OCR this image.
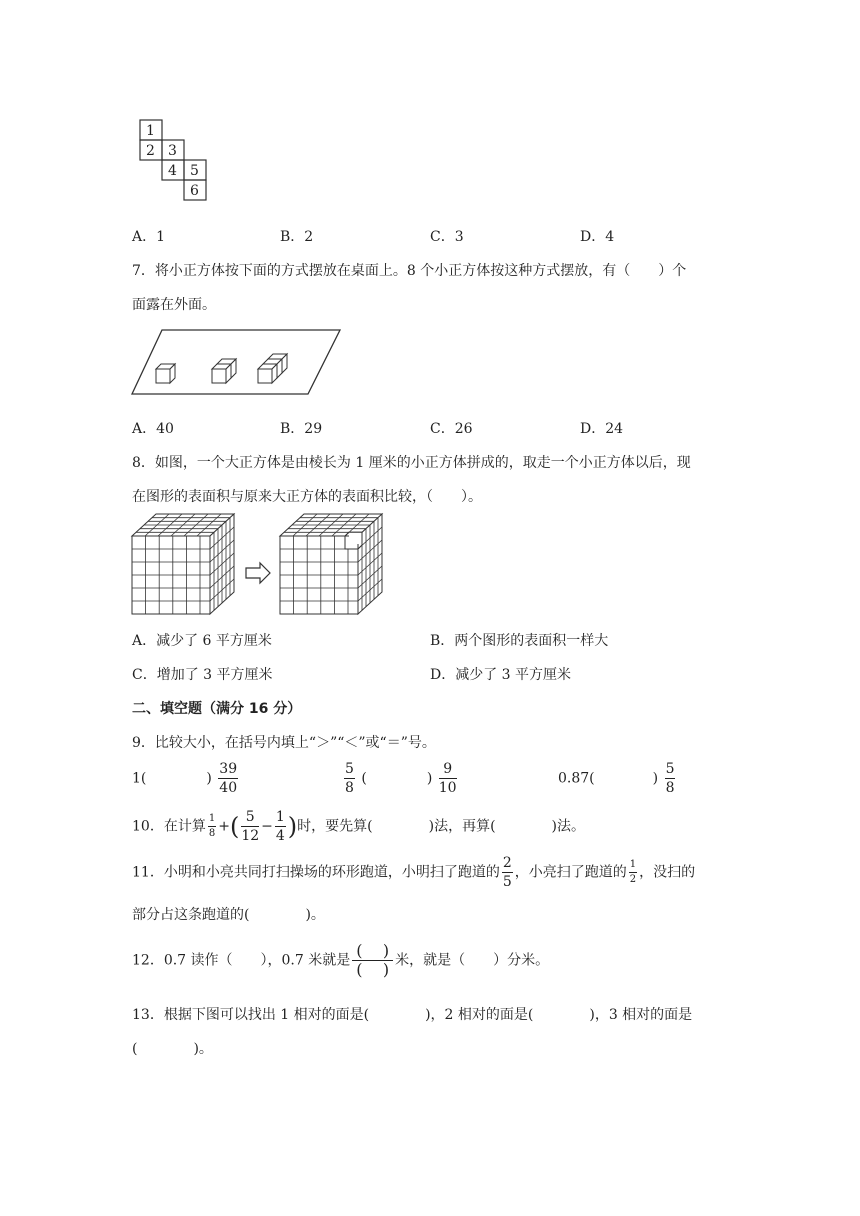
1
2 3
4 5
6
A．1	B．2	C．3	D．4
7．将小正方体按下面的方式摆放在桌面上。8 个小正方体按这种方式摆放，有（　　）个
面露在外面。
A．40	B．29	C．26	D．24
8．如图，一个大正方体是由棱长为 1 厘米的小正方体拼成的，取走一个小正方体以后，现
在图形的表面积与原来大正方体的表面积比较，（　　）。
A．减少了 6 平方厘米	B．两个图形的表面积一样大
C．增加了 3 平方厘米	D．减少了 3 平方厘米
二、填空题（满分 16 分）
9．比较大小，在括号内填上“＞”“＜”或“＝”号。
1(	) $\frac{39}{40}$	$\frac{5}{8}$ (	) $\frac{9}{10}$	0.87(	) $\frac{5}{8}$
10．在计算 $\frac{1}{8}$ +( $\frac{5}{12} - \frac{1}{4}$ )时，要先算(　　　　)法，再算(　　　　)法。
11．小明和小亮共同打扫操场的环形跑道，小明扫了跑道的 $\frac{2}{5}$ ，小亮扫了跑道的 $\frac{1}{2}$ ，没扫的
部分占这条跑道的(　　　　)。
12．0.7 读作（　　），0.7 米就是 $\frac{( )}{( )}$ 米，就是（　　）分米。
13．根据下图可以找出 1 相对的面是(　　　　)，2 相对的面是(　　　　)，3 相对的面是
(　　　　)。
